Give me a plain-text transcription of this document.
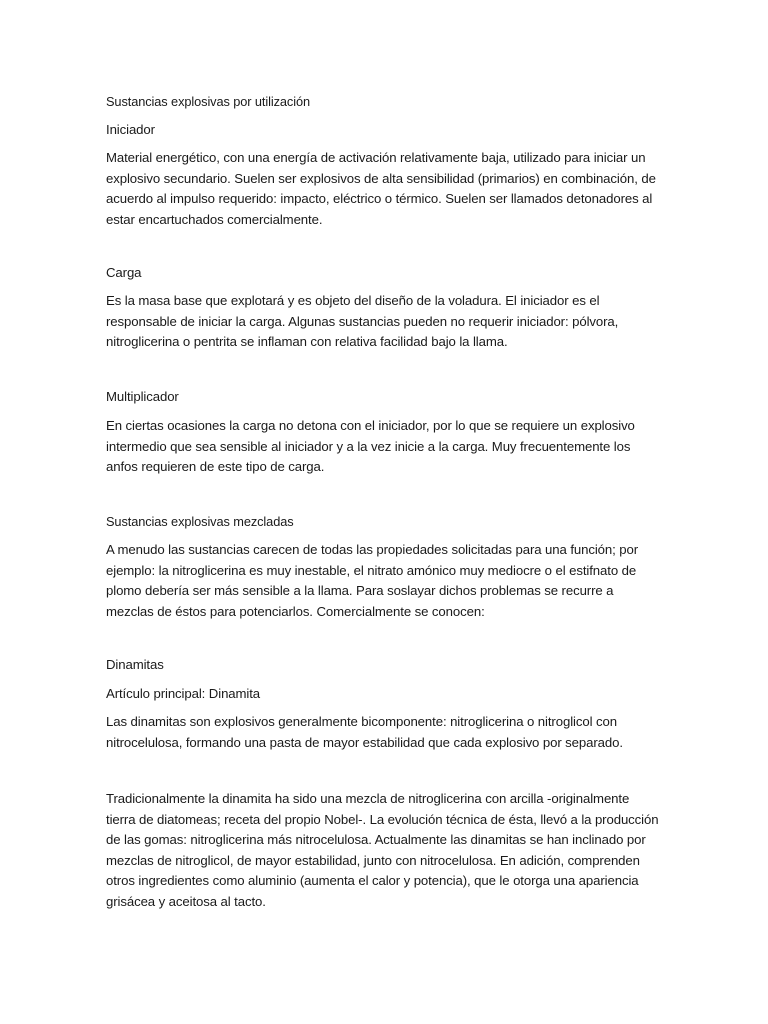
Sustancias explosivas por utilización

Iniciador

Material energético, con una energía de activación relativamente baja, utilizado para iniciar un explosivo secundario. Suelen ser explosivos de alta sensibilidad (primarios) en combinación, de acuerdo al impulso requerido: impacto, eléctrico o térmico. Suelen ser llamados detonadores al estar encartuchados comercialmente.

Carga

Es la masa base que explotará y es objeto del diseño de la voladura. El iniciador es el responsable de iniciar la carga. Algunas sustancias pueden no requerir iniciador: pólvora, nitroglicerina o pentrita se inflaman con relativa facilidad bajo la llama.

Multiplicador

En ciertas ocasiones la carga no detona con el iniciador, por lo que se requiere un explosivo intermedio que sea sensible al iniciador y a la vez inicie a la carga. Muy frecuentemente los anfos requieren de este tipo de carga.

Sustancias explosivas mezcladas

A menudo las sustancias carecen de todas las propiedades solicitadas para una función; por ejemplo: la nitroglicerina es muy inestable, el nitrato amónico muy mediocre o el estifnato de plomo debería ser más sensible a la llama. Para soslayar dichos problemas se recurre a mezclas de éstos para potenciarlos. Comercialmente se conocen:

Dinamitas

Artículo principal: Dinamita

Las dinamitas son explosivos generalmente bicomponente: nitroglicerina o nitroglicol con nitrocelulosa, formando una pasta de mayor estabilidad que cada explosivo por separado.

Tradicionalmente la dinamita ha sido una mezcla de nitroglicerina con arcilla -originalmente tierra de diatomeas; receta del propio Nobel-. La evolución técnica de ésta, llevó a la producción de las gomas: nitroglicerina más nitrocelulosa. Actualmente las dinamitas se han inclinado por mezclas de nitroglicol, de mayor estabilidad, junto con nitrocelulosa. En adición, comprenden otros ingredientes como aluminio (aumenta el calor y potencia), que le otorga una apariencia grisácea y aceitosa al tacto.
